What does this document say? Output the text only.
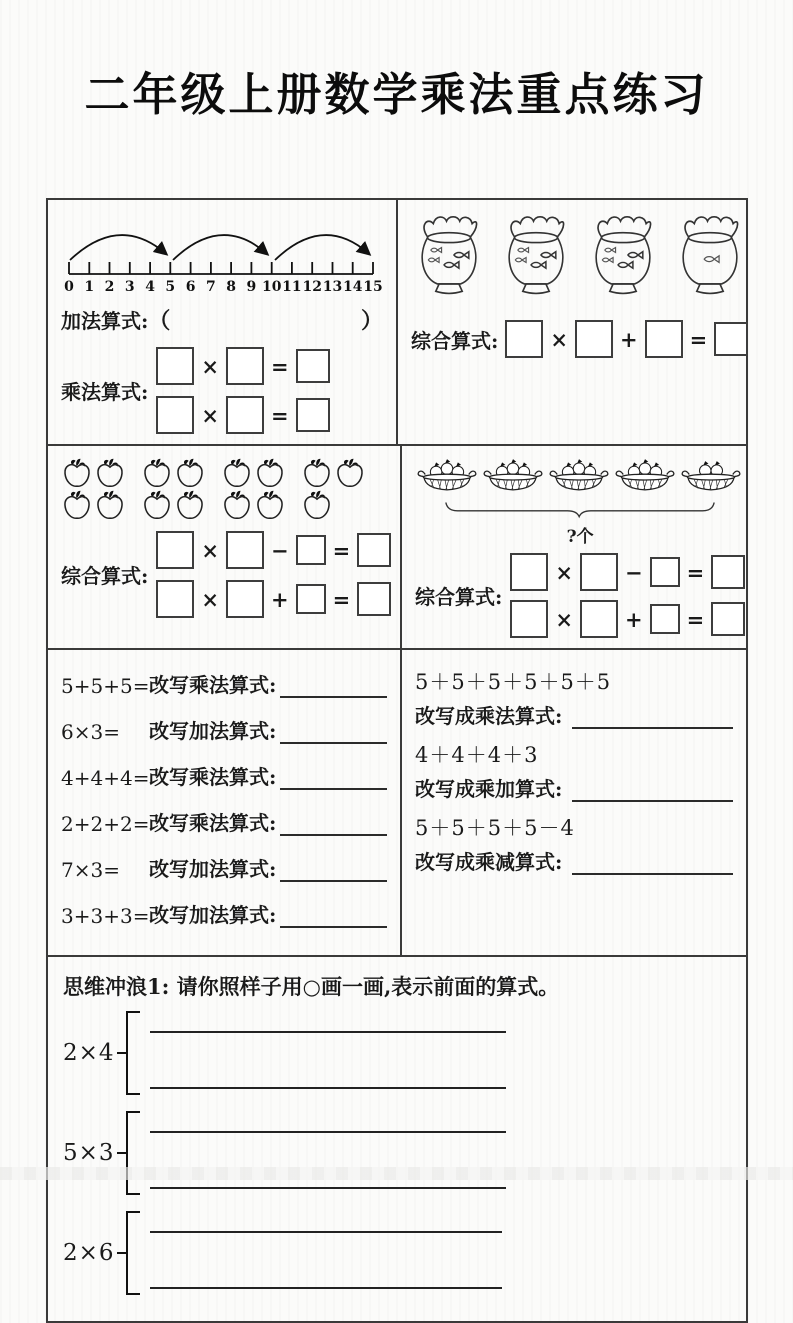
二年级上册数学乘法重点练习
0 1 2 3 4 5 6 7 8 9 10 11 12 13 14 15
加法算式: （	）
乘法算式:
× =
× =
综合算式: × + =
综合算式:
× − =
× + =
?个
综合算式:
× − =
× + =
5+5+5= 改写乘法算式:
6×3=	改写加法算式:
4+4+4= 改写乘法算式:
2+2+2= 改写乘法算式:
7×3=	改写加法算式:
3+3+3= 改写加法算式:
5＋5＋5＋5＋5＋5
改写成乘法算式:
4＋4＋4＋3
改写成乘加算式:
5＋5＋5＋5－4
改写成乘减算式:
思维冲浪1: 请你照样子用○画一画,表示前面的算式。
2×4
5×3
2×6
